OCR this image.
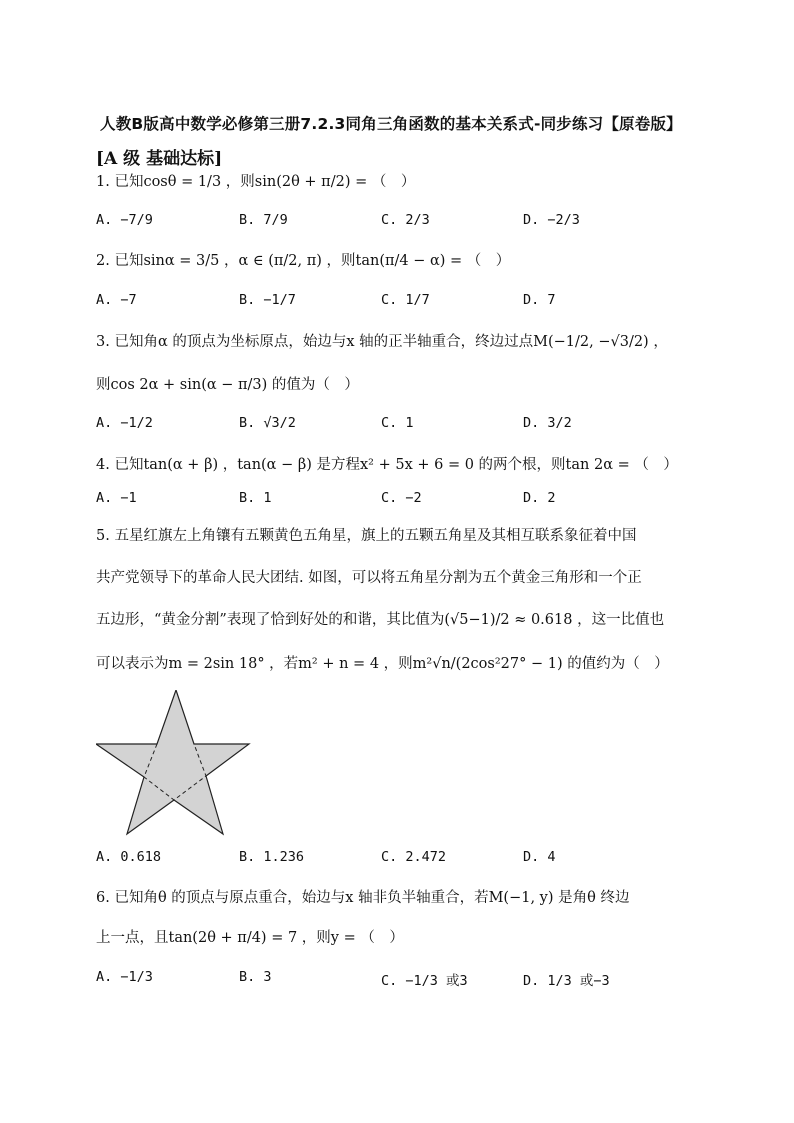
人教B版高中数学必修第三册7.2.3同角三角函数的基本关系式-同步练习【原卷版】
[A 级 基础达标]
1. 已知cosθ = 1/3 ，则sin(2θ + π/2) = （　）
A. −7/9	B. 7/9	C. 2/3	D. −2/3
2. 已知sinα = 3/5 ，α ∈ (π/2, π) ，则tan(π/4 − α) = （　）
A. −7	B. −1/7	C. 1/7	D. 7
3. 已知角α 的顶点为坐标原点，始边与x 轴的正半轴重合，终边过点M(−1/2, −√3/2) ，
则cos 2α + sin(α − π/3) 的值为（　）
A. −1/2	B. √3/2	C. 1	D. 3/2
4. 已知tan(α + β) ，tan(α − β) 是方程x² + 5x + 6 = 0 的两个根，则tan 2α = （　）
A. −1	B. 1	C. −2	D. 2
5. 五星红旗左上角镶有五颗黄色五角星，旗上的五颗五角星及其相互联系象征着中国
共产党领导下的革命人民大团结. 如图，可以将五角星分割为五个黄金三角形和一个正
五边形，“黄金分割”表现了恰到好处的和谐，其比值为(√5−1)/2 ≈ 0.618 ，这一比值也
可以表示为m = 2sin 18° ，若m² + n = 4 ，则m²√n/(2cos²27° − 1) 的值约为（　）
A. 0.618	B. 1.236	C. 2.472	D. 4
6. 已知角θ 的顶点与原点重合，始边与x 轴非负半轴重合，若M(−1, y) 是角θ 终边
上一点，且tan(2θ + π/4) = 7 ，则y = （　）
A. −1/3	B. 3	C. −1/3 或3	D. 1/3 或−3
